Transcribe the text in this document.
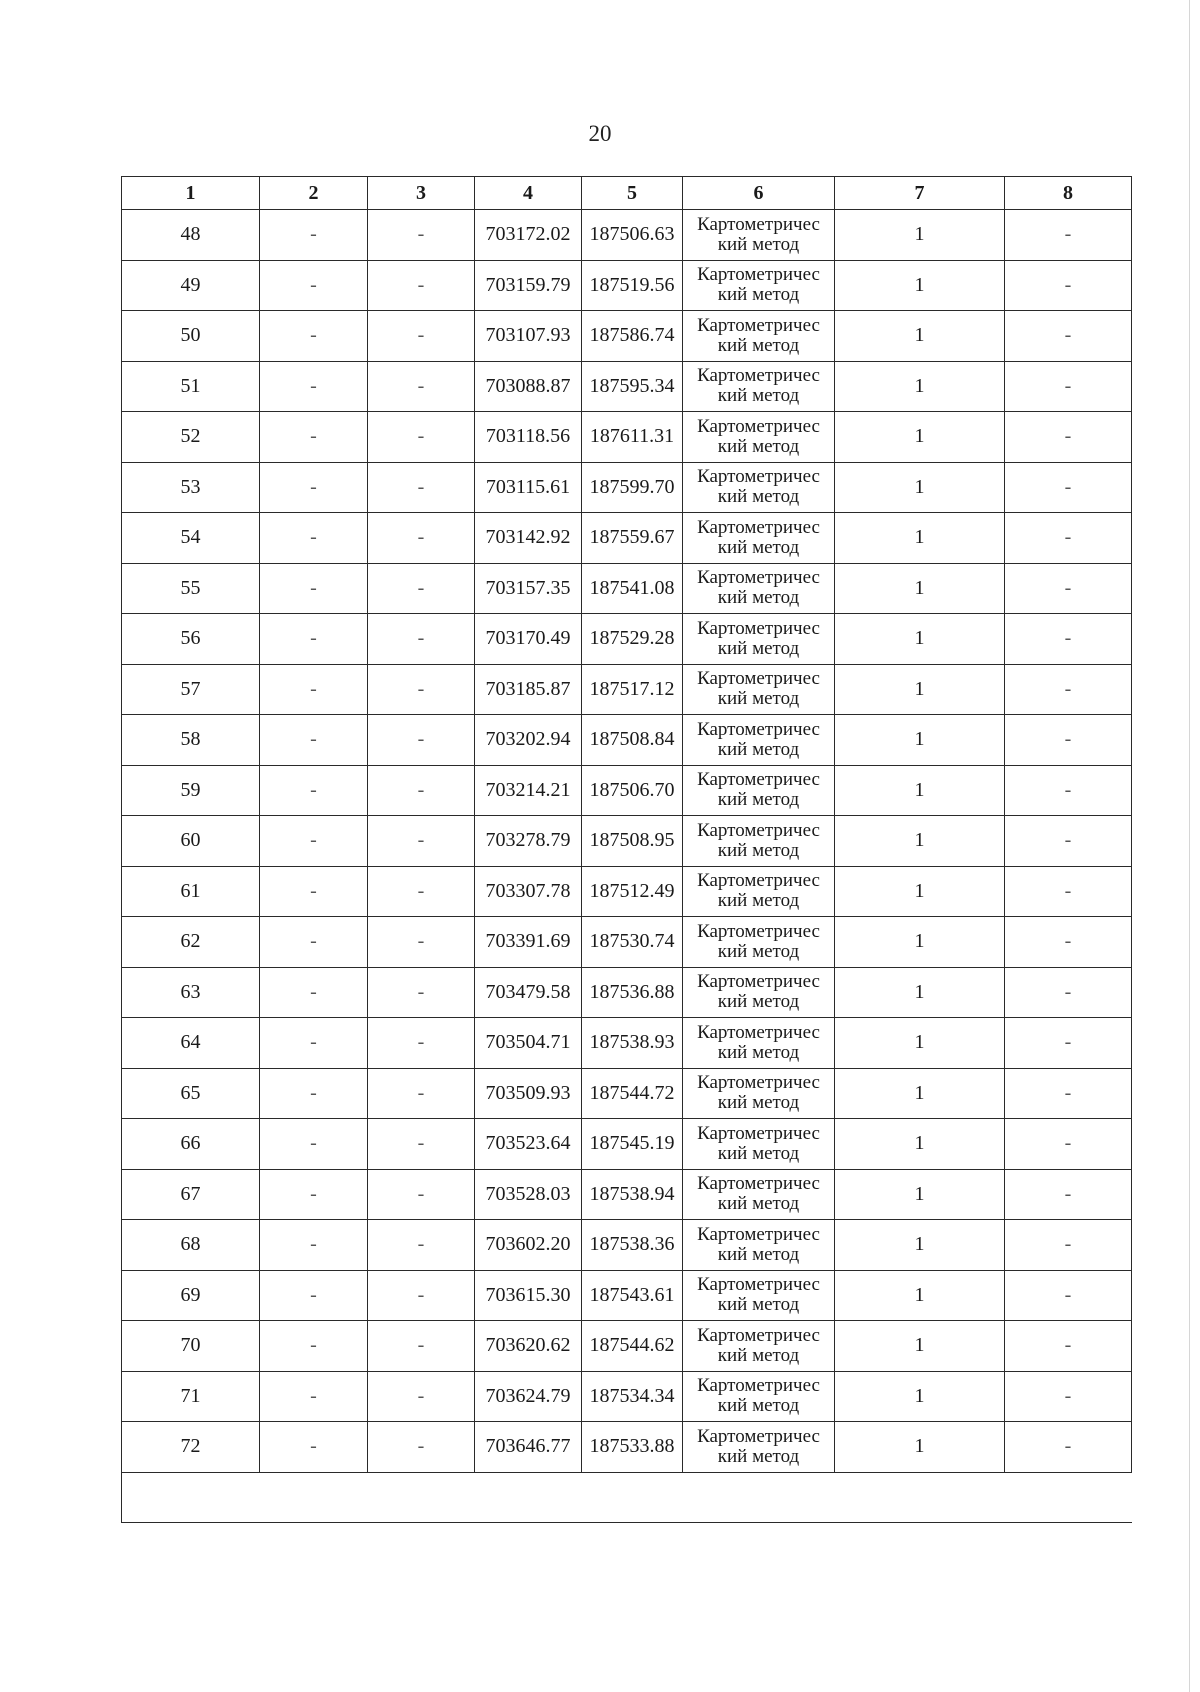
20
1	2	3	4	5	6	7	8
48	-	-	703172.02	187506.63	Картометричес кий метод	1	-
49	-	-	703159.79	187519.56	Картометричес кий метод	1	-
50	-	-	703107.93	187586.74	Картометричес кий метод	1	-
51	-	-	703088.87	187595.34	Картометричес кий метод	1	-
52	-	-	703118.56	187611.31	Картометричес кий метод	1	-
53	-	-	703115.61	187599.70	Картометричес кий метод	1	-
54	-	-	703142.92	187559.67	Картометричес кий метод	1	-
55	-	-	703157.35	187541.08	Картометричес кий метод	1	-
56	-	-	703170.49	187529.28	Картометричес кий метод	1	-
57	-	-	703185.87	187517.12	Картометричес кий метод	1	-
58	-	-	703202.94	187508.84	Картометричес кий метод	1	-
59	-	-	703214.21	187506.70	Картометричес кий метод	1	-
60	-	-	703278.79	187508.95	Картометричес кий метод	1	-
61	-	-	703307.78	187512.49	Картометричес кий метод	1	-
62	-	-	703391.69	187530.74	Картометричес кий метод	1	-
63	-	-	703479.58	187536.88	Картометричес кий метод	1	-
64	-	-	703504.71	187538.93	Картометричес кий метод	1	-
65	-	-	703509.93	187544.72	Картометричес кий метод	1	-
66	-	-	703523.64	187545.19	Картометричес кий метод	1	-
67	-	-	703528.03	187538.94	Картометричес кий метод	1	-
68	-	-	703602.20	187538.36	Картометричес кий метод	1	-
69	-	-	703615.30	187543.61	Картометричес кий метод	1	-
70	-	-	703620.62	187544.62	Картометричес кий метод	1	-
71	-	-	703624.79	187534.34	Картометричес кий метод	1	-
72	-	-	703646.77	187533.88	Картометричес кий метод	1	-
